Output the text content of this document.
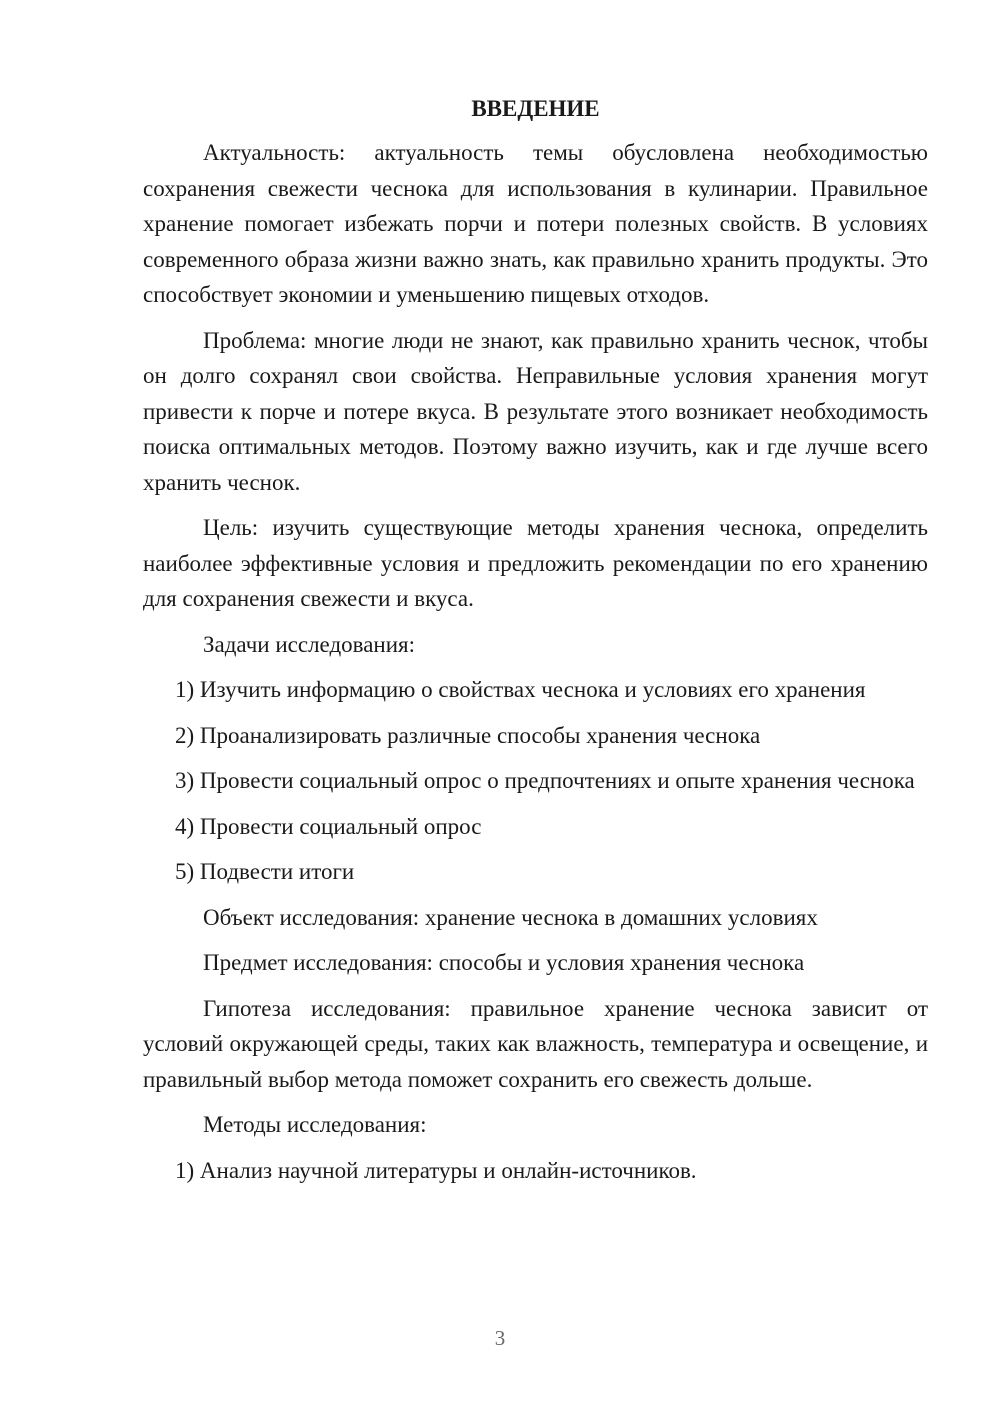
ВВЕДЕНИЕ

Актуальность: актуальность темы обусловлена необходимостью сохранения свежести чеснока для использования в кулинарии. Правильное хранение помогает избежать порчи и потери полезных свойств. В условиях современного образа жизни важно знать, как правильно хранить продукты. Это способствует экономии и уменьшению пищевых отходов.

Проблема: многие люди не знают, как правильно хранить чеснок, чтобы он долго сохранял свои свойства. Неправильные условия хранения могут привести к порче и потере вкуса. В результате этого возникает необходимость поиска оптимальных методов. Поэтому важно изучить, как и где лучше всего хранить чеснок.

Цель: изучить существующие методы хранения чеснока, определить наиболее эффективные условия и предложить рекомендации по его хранению для сохранения свежести и вкуса.

Задачи исследования:

1) Изучить информацию о свойствах чеснока и условиях его хранения

2) Проанализировать различные способы хранения чеснока

3) Провести социальный опрос о предпочтениях и опыте хранения чеснока

4) Провести социальный опрос

5) Подвести итоги

Объект исследования: хранение чеснока в домашних условиях

Предмет исследования: способы и условия хранения чеснока

Гипотеза исследования: правильное хранение чеснока зависит от условий окружающей среды, таких как влажность, температура и освещение, и правильный выбор метода поможет сохранить его свежесть дольше.

Методы исследования:

1) Анализ научной литературы и онлайн-источников.

3
